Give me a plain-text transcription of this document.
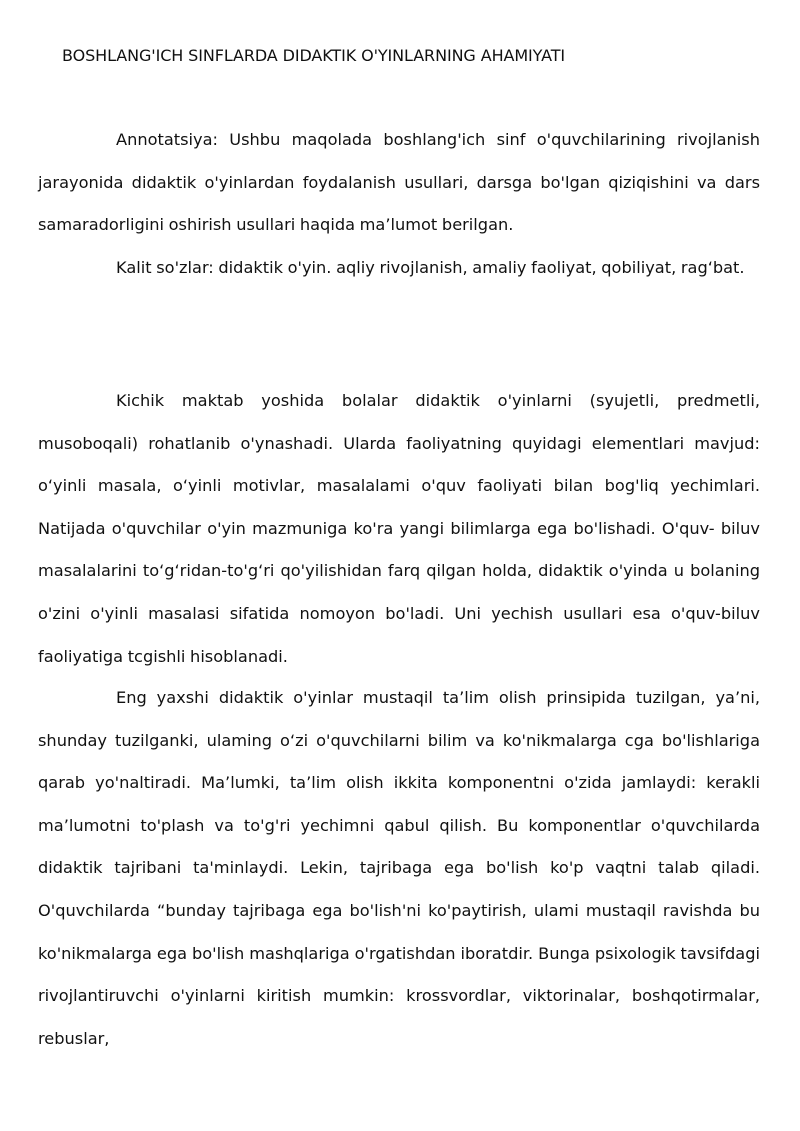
BOSHLANG'ICH SINFLARDA DIDAKTIK O'YINLARNING AHAMIYATI

Annotatsiya: Ushbu maqolada boshlang'ich sinf o'quvchilarining rivojlanish jarayonida didaktik o'yinlardan foydalanish usullari, darsga bo'lgan qiziqishini va dars samaradorligini oshirish usullari haqida ma’lumot berilgan.

Kalit so'zlar: didaktik o'yin. aqliy rivojlanish, amaliy faoliyat, qobiliyat, rag‘bat.

Kichik maktab yoshida bolalar didaktik o'yinlarni (syujetli, predmetli, musoboqali) rohatlanib o'ynashadi. Ularda faoliyatning quyidagi elementlari mavjud: o‘yinli masala, o‘yinli motivlar, masalalami o'quv faoliyati bilan bog'liq yechimlari. Natijada o'quvchilar o'yin mazmuniga ko'ra yangi bilimlarga ega bo'lishadi. O'quv- biluv masalalarini to‘g‘ridan-to'g‘ri qo'yilishidan farq qilgan holda, didaktik o'yinda u bolaning o'zini o'yinli masalasi sifatida nomoyon bo'ladi. Uni yechish usullari esa o'quv-biluv faoliyatiga tcgishli hisoblanadi.

Eng yaxshi didaktik o'yinlar mustaqil ta’lim olish prinsipida tuzilgan, ya’ni, shunday tuzilganki, ulaming o‘zi o'quvchilarni bilim va ko'nikmalarga cga bo'lishlariga qarab yo'naltiradi. Ma’lumki, ta’lim olish ikkita komponentni o'zida jamlaydi: kerakli ma’lumotni to'plash va to'g'ri yechimni qabul qilish. Bu komponentlar o'quvchilarda didaktik tajribani ta'minlaydi. Lekin, tajribaga ega bo'lish ko'p vaqtni talab qiladi. O'quvchilarda “bunday tajribaga ega bo'lish'ni ko'paytirish, ulami mustaqil ravishda bu ko'nikmalarga ega bo'lish mashqlariga o'rgatishdan iboratdir. Bunga psixologik tavsifdagi rivojlantiruvchi o'yinlarni kiritish mumkin: krossvordlar, viktorinalar, boshqotirmalar, rebuslar,
